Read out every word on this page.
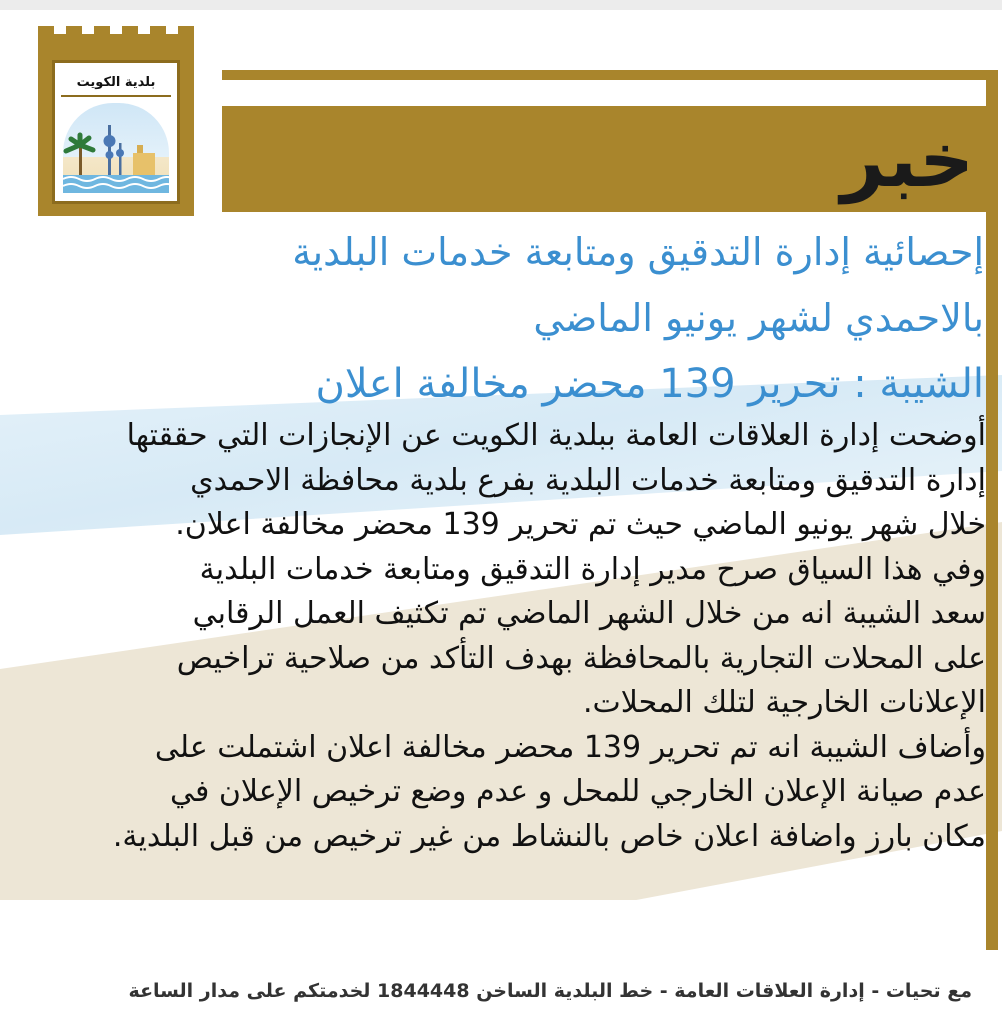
خبر
بلدية الكويت
إحصائية إدارة التدقيق ومتابعة خدمات البلدية
بالاحمدي لشهر يونيو الماضي
الشيبة : تحرير 139 محضر مخالفة اعلان
أوضحت إدارة العلاقات العامة ببلدية الكويت عن الإنجازات التي حققتها
إدارة التدقيق ومتابعة خدمات البلدية بفرع بلدية محافظة الاحمدي
خلال شهر يونيو الماضي حيث تم تحرير 139 محضر مخالفة اعلان.
وفي هذا السياق صرح مدير إدارة التدقيق ومتابعة خدمات البلدية
سعد الشيبة انه من خلال الشهر الماضي تم تكثيف العمل الرقابي
على المحلات التجارية بالمحافظة بهدف التأكد من صلاحية تراخيص
الإعلانات الخارجية لتلك المحلات.
وأضاف الشيبة انه تم تحرير 139 محضر مخالفة اعلان اشتملت على
عدم صيانة الإعلان الخارجي للمحل و عدم وضع ترخيص الإعلان في
مكان بارز واضافة اعلان خاص بالنشاط من غير ترخيص من قبل البلدية.
مع تحيات - إدارة العلاقات العامة - خط البلدية الساخن 1844448 لخدمتكم على مدار الساعة
